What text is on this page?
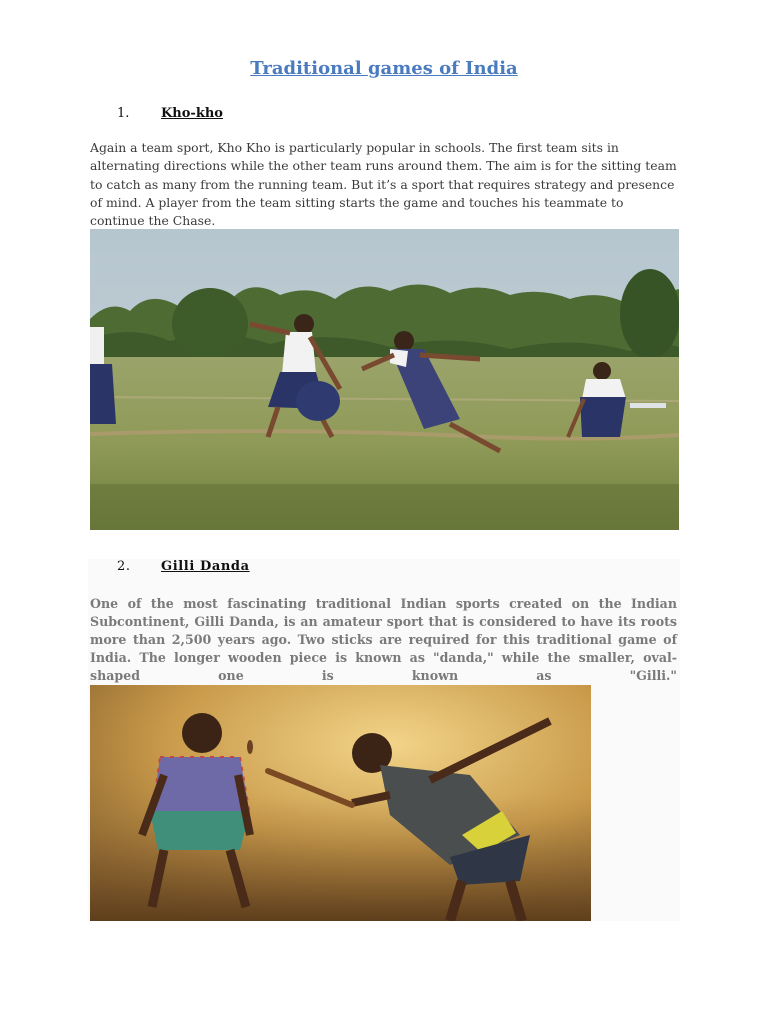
Traditional games of India

1. Kho-kho

Again a team sport, Kho Kho is particularly popular in schools. The first team sits in alternating directions while the other team runs around them. The aim is for the sitting team to catch as many from the running team. But it’s a sport that requires strategy and presence of mind. A player from the team sitting starts the game and touches his teammate to continue the Chase.

2. Gilli Danda

One of the most fascinating traditional Indian sports created on the Indian Subcontinent, Gilli Danda, is an amateur sport that is considered to have its roots more than 2,500 years ago. Two sticks are required for this traditional game of India. The longer wooden piece is known as "danda," while the smaller, oval-shaped one is known as "Gilli."
